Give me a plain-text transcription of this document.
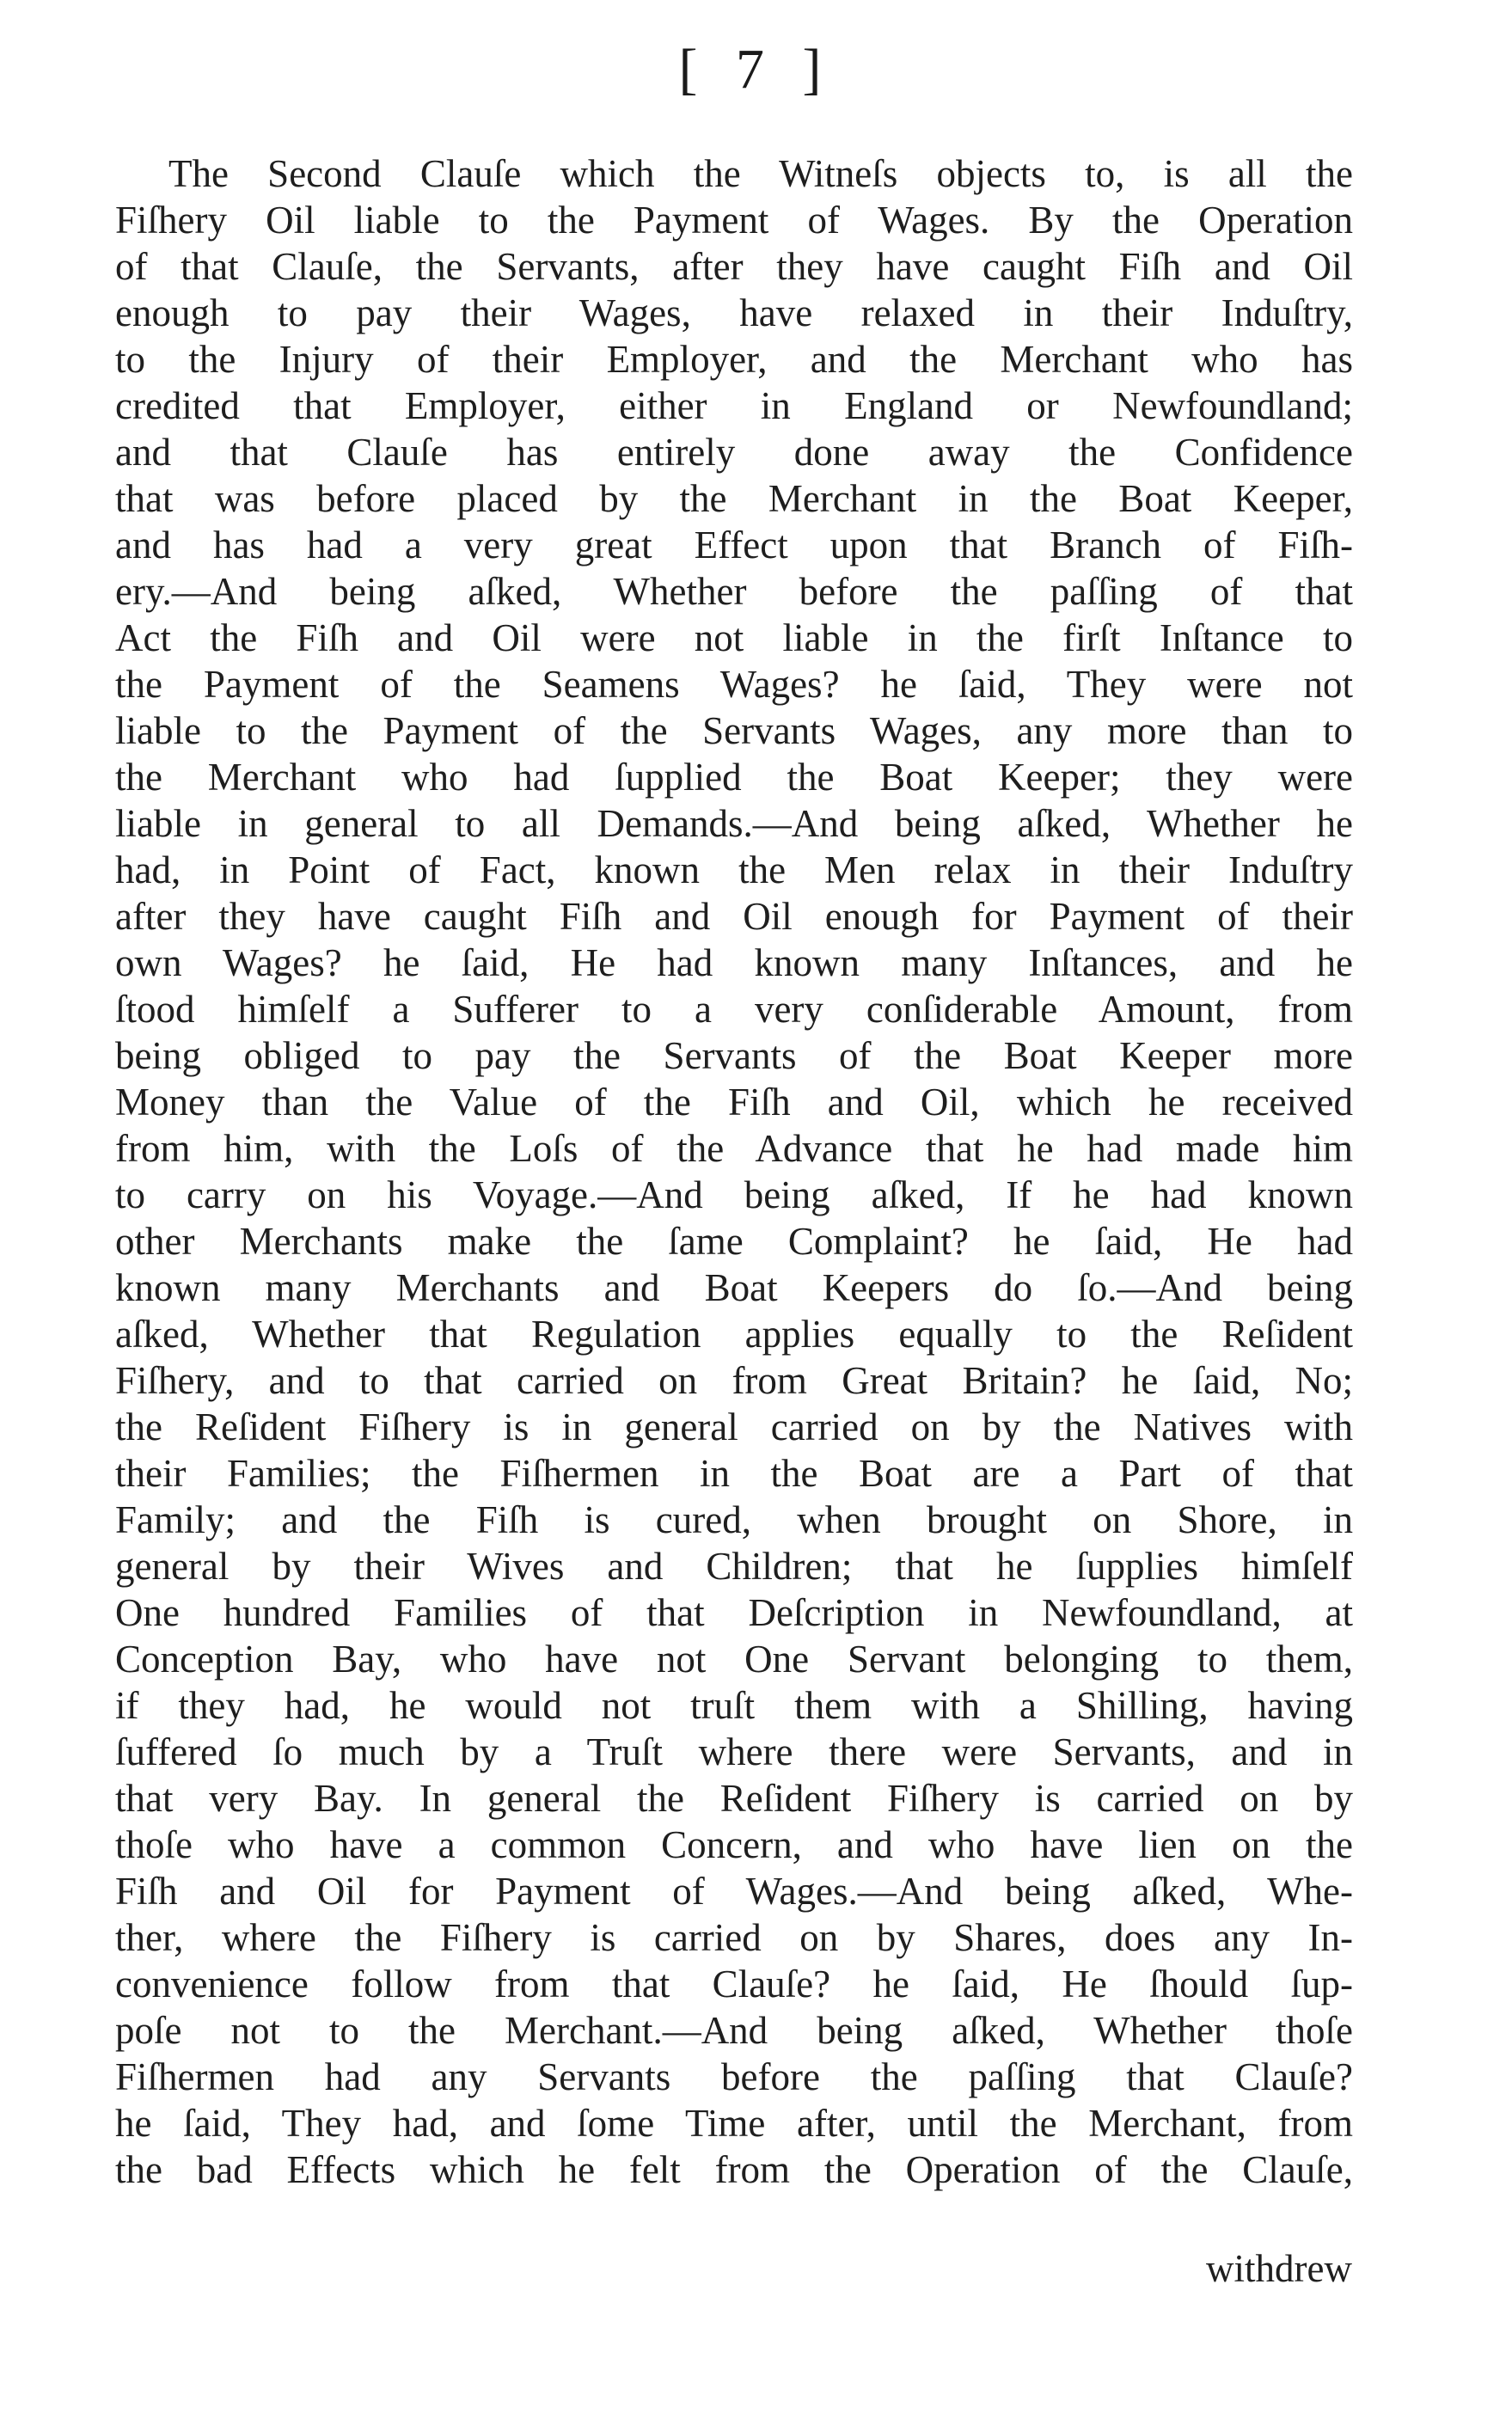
[ 7 ]
The Second Clauſe which the Witneſs objects to, is all the
Fiſhery Oil liable to the Payment of Wages. By the Operation
of that Clauſe, the Servants, after they have caught Fiſh and Oil
enough to pay their Wages, have relaxed in their Induſtry,
to the Injury of their Employer, and the Merchant who has
credited that Employer, either in England or Newfoundland;
and that Clauſe has entirely done away the Confidence
that was before placed by the Merchant in the Boat Keeper,
and has had a very great Effect upon that Branch of Fiſh-
ery.—And being aſked, Whether before the paſſing of that
Act the Fiſh and Oil were not liable in the firſt Inſtance to
the Payment of the Seamens Wages? he ſaid, They were not
liable to the Payment of the Servants Wages, any more than to
the Merchant who had ſupplied the Boat Keeper; they were
liable in general to all Demands.—And being aſked, Whether he
had, in Point of Fact, known the Men relax in their Induſtry
after they have caught Fiſh and Oil enough for Payment of their
own Wages? he ſaid, He had known many Inſtances, and he
ſtood himſelf a Sufferer to a very conſiderable Amount, from
being obliged to pay the Servants of the Boat Keeper more
Money than the Value of the Fiſh and Oil, which he received
from him, with the Loſs of the Advance that he had made him
to carry on his Voyage.—And being aſked, If he had known
other Merchants make the ſame Complaint? he ſaid, He had
known many Merchants and Boat Keepers do ſo.—And being
aſked, Whether that Regulation applies equally to the Reſident
Fiſhery, and to that carried on from Great Britain? he ſaid, No;
the Reſident Fiſhery is in general carried on by the Natives with
their Families; the Fiſhermen in the Boat are a Part of that
Family; and the Fiſh is cured, when brought on Shore, in
general by their Wives and Children; that he ſupplies himſelf
One hundred Families of that Deſcription in Newfoundland, at
Conception Bay, who have not One Servant belonging to them,
if they had, he would not truſt them with a Shilling, having
ſuffered ſo much by a Truſt where there were Servants, and in
that very Bay. In general the Reſident Fiſhery is carried on by
thoſe who have a common Concern, and who have lien on the
Fiſh and Oil for Payment of Wages.—And being aſked, Whe-
ther, where the Fiſhery is carried on by Shares, does any In-
convenience follow from that Clauſe? he ſaid, He ſhould ſup-
poſe not to the Merchant.—And being aſked, Whether thoſe
Fiſhermen had any Servants before the paſſing that Clauſe?
he ſaid, They had, and ſome Time after, until the Merchant, from
the bad Effects which he felt from the Operation of the Clauſe,
withdrew
